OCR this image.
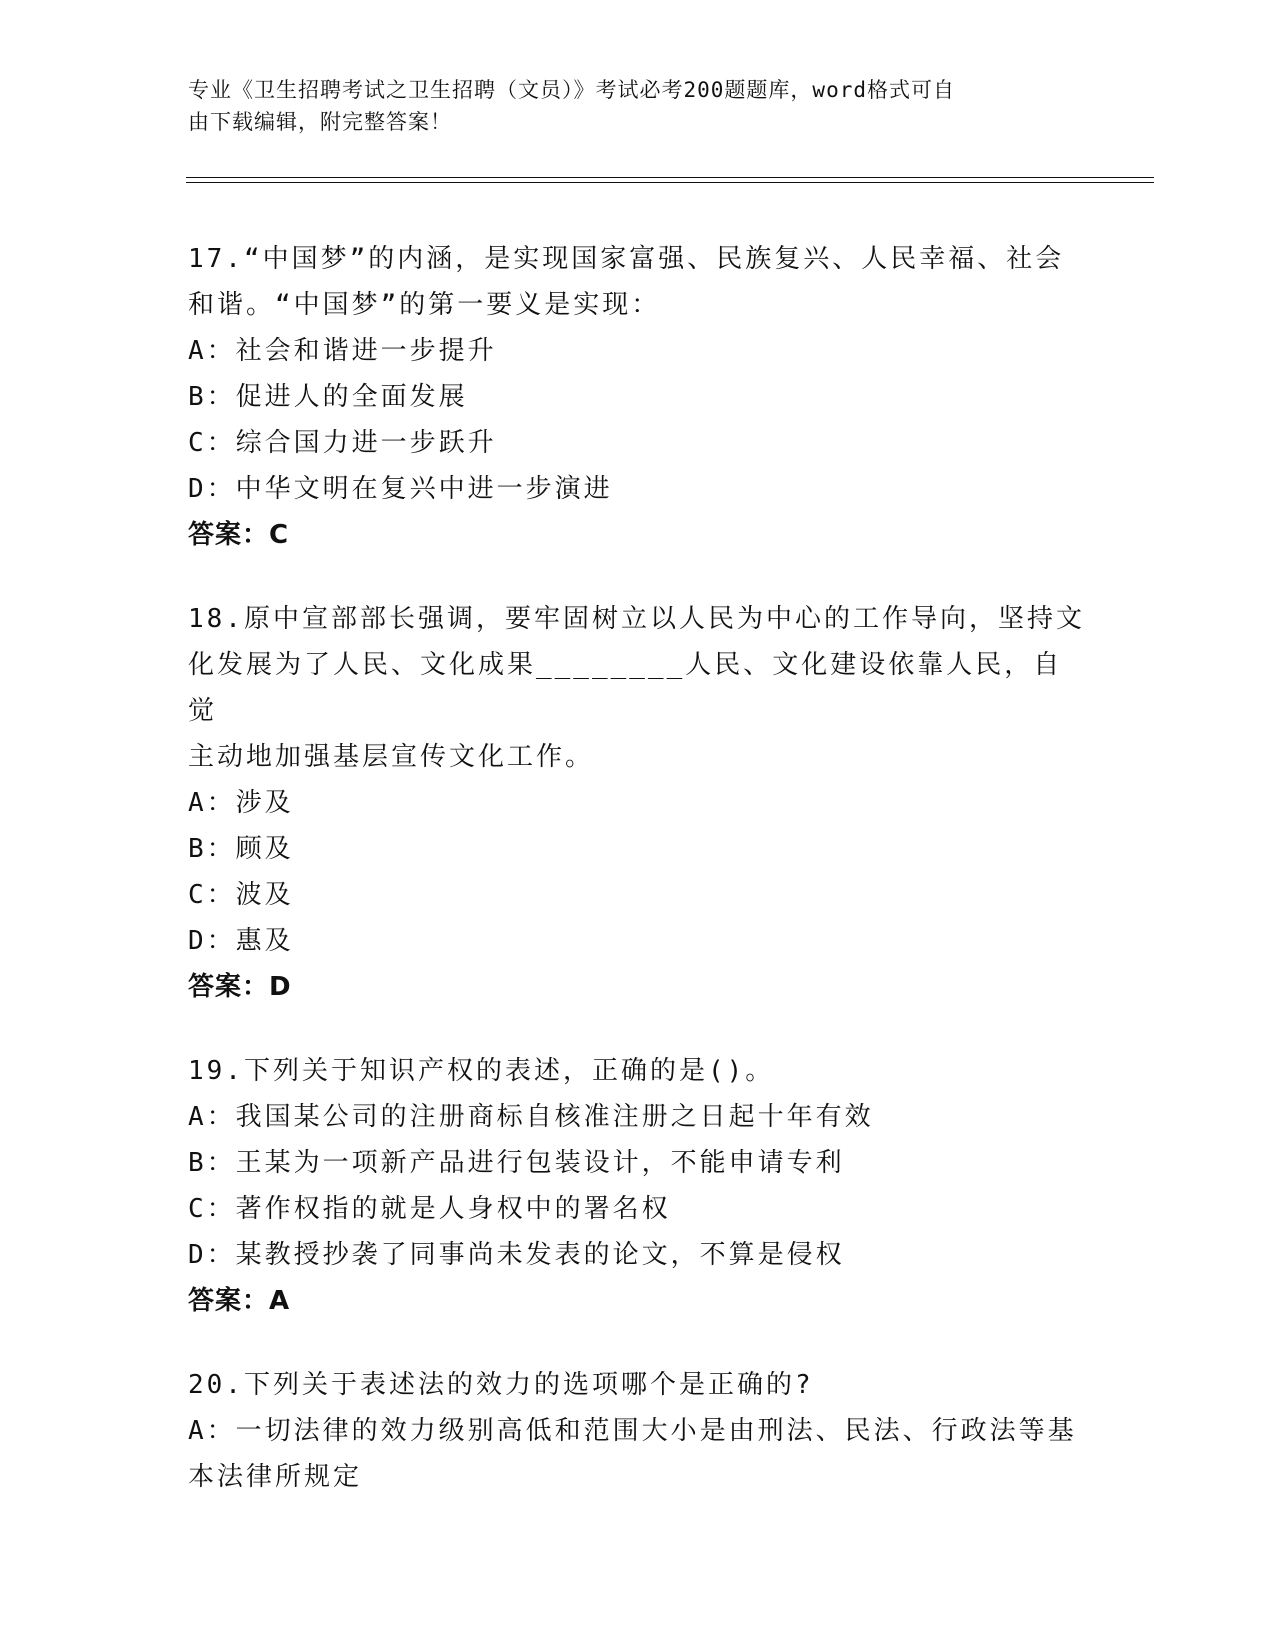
专业《卫生招聘考试之卫生招聘（文员）》考试必考200题题库，word格式可自
由下载编辑，附完整答案！
17.“中国梦”的内涵，是实现国家富强、民族复兴、人民幸福、社会
和谐。“中国梦”的第一要义是实现：
A：社会和谐进一步提升
B：促进人的全面发展
C：综合国力进一步跃升
D：中华文明在复兴中进一步演进
答案：C
18.原中宣部部长强调，要牢固树立以人民为中心的工作导向，坚持文
化发展为了人民、文化成果________人民、文化建设依靠人民，自觉
主动地加强基层宣传文化工作。
A：涉及
B：顾及
C：波及
D：惠及
答案：D
19.下列关于知识产权的表述，正确的是()。
A：我国某公司的注册商标自核准注册之日起十年有效
B：王某为一项新产品进行包装设计，不能申请专利
C：著作权指的就是人身权中的署名权
D：某教授抄袭了同事尚未发表的论文，不算是侵权
答案：A
20.下列关于表述法的效力的选项哪个是正确的?
A：一切法律的效力级别高低和范围大小是由刑法、民法、行政法等基
本法律所规定
